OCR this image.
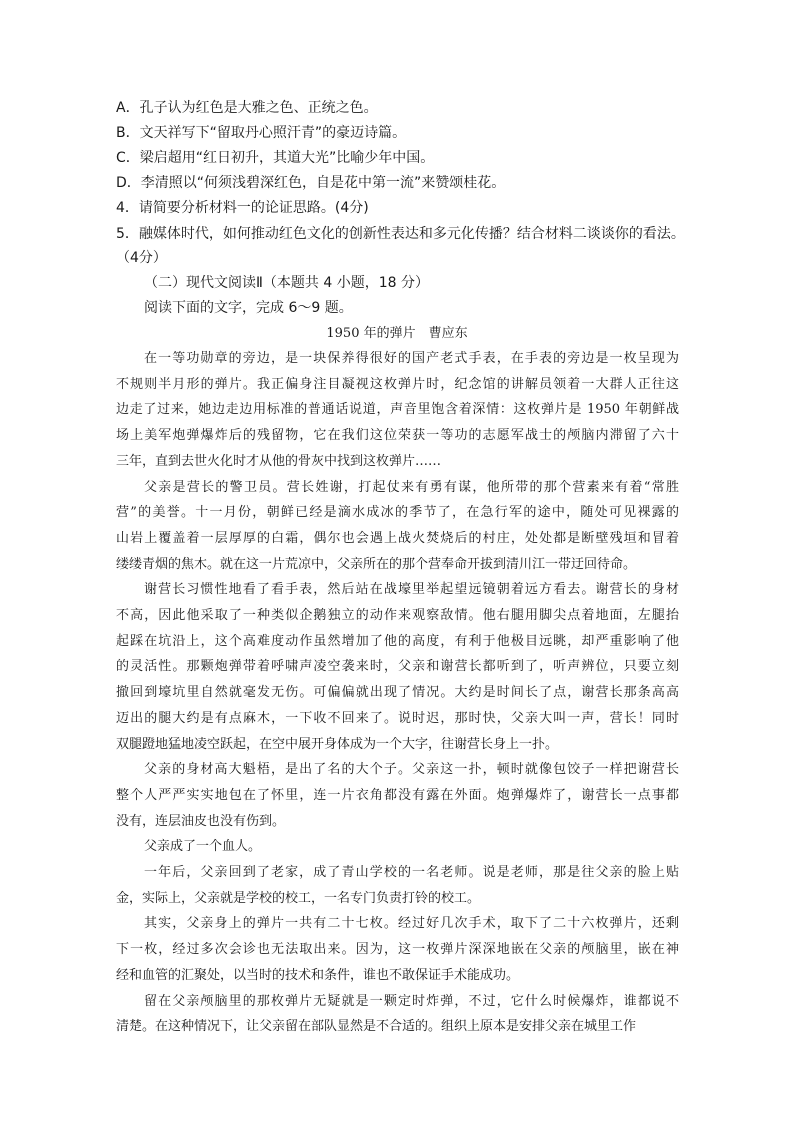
A．孔子认为红色是大雅之色、正统之色。
B．文天祥写下“留取丹心照汗青”的豪迈诗篇。
C．梁启超用“红日初升，其道大光”比喻少年中国。
D．李清照以“何须浅碧深红色，自是花中第一流”来赞颂桂花。
4．请简要分析材料一的论证思路。(4分)
5．融媒体时代，如何推动红色文化的创新性表达和多元化传播？结合材料二谈谈你的看法。
（4分）
（二）现代文阅读Ⅱ（本题共 4 小题，18 分）
阅读下面的文字，完成 6～9 题。
1950 年的弹片　曹应东
在一等功勋章的旁边，是一块保养得很好的国产老式手表，在手表的旁边是一枚呈现为
不规则半月形的弹片。我正偏身注目凝视这枚弹片时，纪念馆的讲解员领着一大群人正往这
边走了过来，她边走边用标准的普通话说道，声音里饱含着深情：这枚弹片是 1950 年朝鲜战
场上美军炮弹爆炸后的残留物，它在我们这位荣获一等功的志愿军战士的颅脑内滞留了六十
三年，直到去世火化时才从他的骨灰中找到这枚弹片……
父亲是营长的警卫员。营长姓谢，打起仗来有勇有谋，他所带的那个营素来有着“常胜
营”的美誉。十一月份，朝鲜已经是滴水成冰的季节了，在急行军的途中，随处可见裸露的
山岩上覆盖着一层厚厚的白霜，偶尔也会遇上战火焚烧后的村庄，处处都是断壁残垣和冒着
缕缕青烟的焦木。就在这一片荒凉中，父亲所在的那个营奉命开拔到清川江一带迂回待命。
谢营长习惯性地看了看手表，然后站在战壕里举起望远镜朝着远方看去。谢营长的身材
不高，因此他采取了一种类似企鹅独立的动作来观察敌情。他右腿用脚尖点着地面，左腿抬
起踩在坑沿上，这个高难度动作虽然增加了他的高度，有利于他极目远眺，却严重影响了他
的灵活性。那颗炮弹带着呼啸声凌空袭来时，父亲和谢营长都听到了，听声辨位，只要立刻
撤回到壕坑里自然就毫发无伤。可偏偏就出现了情况。大约是时间长了点，谢营长那条高高
迈出的腿大约是有点麻木，一下收不回来了。说时迟，那时快，父亲大叫一声，营长！同时
双腿蹬地猛地凌空跃起，在空中展开身体成为一个大字，往谢营长身上一扑。
父亲的身材高大魁梧，是出了名的大个子。父亲这一扑，顿时就像包饺子一样把谢营长
整个人严严实实地包在了怀里，连一片衣角都没有露在外面。炮弹爆炸了，谢营长一点事都
没有，连层油皮也没有伤到。
父亲成了一个血人。
一年后，父亲回到了老家，成了青山学校的一名老师。说是老师，那是往父亲的脸上贴
金，实际上，父亲就是学校的校工，一名专门负责打铃的校工。
其实，父亲身上的弹片一共有二十七枚。经过好几次手术，取下了二十六枚弹片，还剩
下一枚，经过多次会诊也无法取出来。因为，这一枚弹片深深地嵌在父亲的颅脑里，嵌在神
经和血管的汇聚处，以当时的技术和条件，谁也不敢保证手术能成功。
留在父亲颅脑里的那枚弹片无疑就是一颗定时炸弹，不过，它什么时候爆炸，谁都说不
清楚。在这种情况下，让父亲留在部队显然是不合适的。组织上原本是安排父亲在城里工作
